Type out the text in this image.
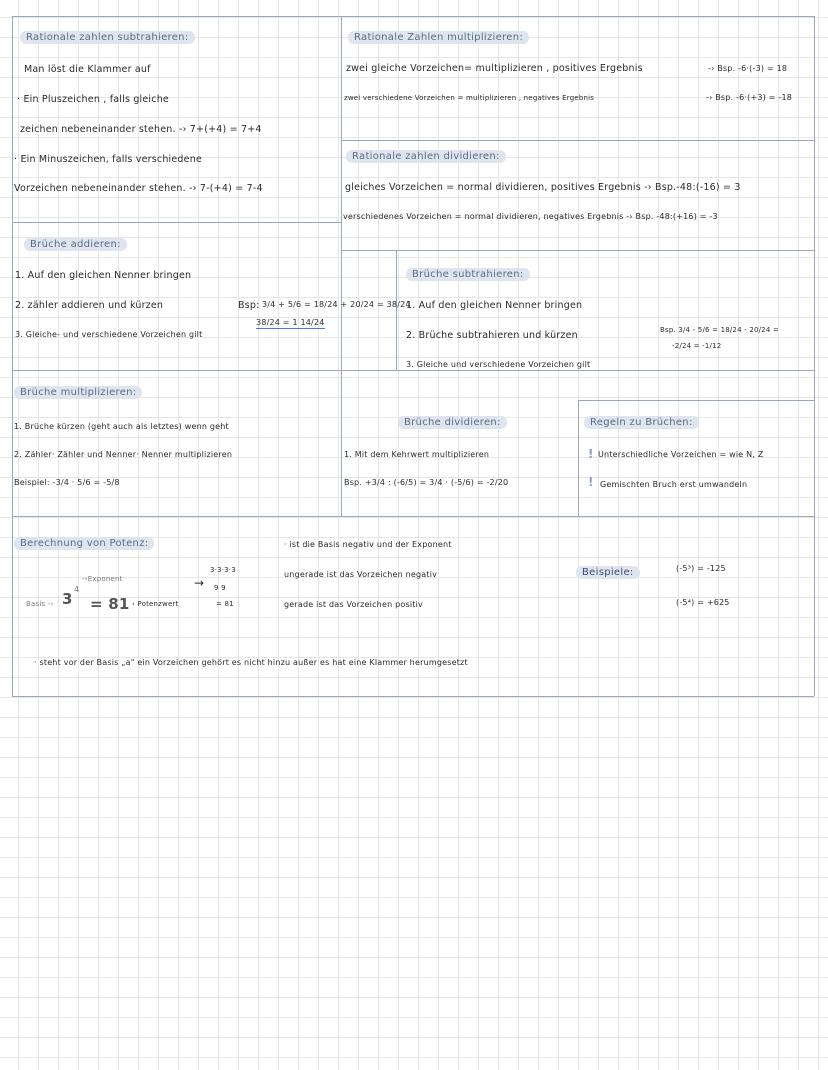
Rationale zahlen subtrahieren:
Man löst die Klammer auf
· Ein Pluszeichen , falls gleiche
zeichen nebeneinander stehen. -› 7+(+4) = 7+4
· Ein Minuszeichen, falls verschiedene
Vorzeichen nebeneinander stehen. -› 7-(+4) = 7-4
Rationale Zahlen multiplizieren:
zwei gleiche Vorzeichen= multiplizieren , positives Ergebnis	-› Bsp. -6·(-3) = 18
zwei verschiedene Vorzeichen = multiplizieren , negatives Ergebnis	-› Bsp. -6·(+3) = -18
Rationale zahlen dividieren:
gleiches Vorzeichen = normal dividieren, positives Ergebnis -› Bsp.-48:(-16) = 3
verschiedenes Vorzeichen = normal dividieren, negatives Ergebnis -› Bsp. -48:(+16) = -3
Brüche addieren:
1. Auf den gleichen Nenner bringen
2. zähler addieren und kürzen
3. Gleiche- und verschiedene Vorzeichen gilt
Bsp: 3/4 + 5/6 = 18/24 + 20/24 = 38/24
38/24 = 1 14/24
Brüche subtrahieren:
1. Auf den gleichen Nenner bringen
2. Brüche subtrahieren und kürzen
3. Gleiche und verschiedene Vorzeichen gilt
Bsp. 3/4 - 5/6 = 18/24 - 20/24 =
-2/24 = -1/12
Brüche multiplizieren:
1. Brüche kürzen (geht auch als letztes) wenn geht
2. Zähler· Zähler und Nenner· Nenner multiplizieren
Beispiel: -3/4 · 5/6 = -5/8
Brüche dividieren:
1. Mit dem Kehrwert multiplizieren
Bsp. +3/4 : (-6/5) = 3/4 · (-5/6) = -2/20
Regeln zu Brüchen:
! Unterschiedliche Vorzeichen = wie N, Z
! Gemischten Bruch erst umwandeln
Berechnung von Potenz:
Basis -› 3
4
-›Exponent
= 81 ‹ Potenzwert
→
3·3·3·3
9 9
= 81
· ist die Basis negativ und der Exponent
ungerade ist das Vorzeichen negativ
gerade ist das Vorzeichen positiv
Beispiele:	(-5³) = -125
(-5⁴) = +625
· steht vor der Basis „a" ein Vorzeichen gehört es nicht hinzu außer es hat eine Klammer herumgesetzt
